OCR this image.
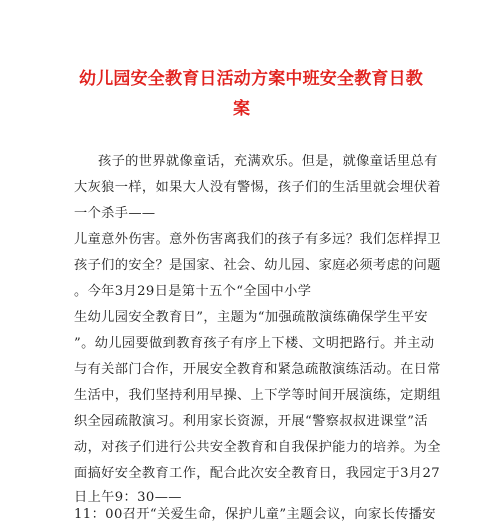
幼儿园安全教育日活动方案中班安全教育日教
案
孩子的世界就像童话，充满欢乐。但是，就像童话里总有
大灰狼一样，如果大人没有警惕，孩子们的生活里就会埋伏着
一个杀手——
儿童意外伤害。意外伤害离我们的孩子有多远？我们怎样捍卫
孩子们的安全？是国家、社会、幼儿园、家庭必须考虑的问题
。今年3月29日是第十五个“全国中小学
生幼儿园安全教育日”，主题为“加强疏散演练确保学生平安
”。幼儿园要做到教育孩子有序上下楼、文明把路行。并主动
与有关部门合作，开展安全教育和紧急疏散演练活动。在日常
生活中，我们坚持利用早操、上下学等时间开展演练，定期组
织全园疏散演习。利用家长资源，开展“警察叔叔进课堂”活
动，对孩子们进行公共安全教育和自我保护能力的培养。为全
面搞好安全教育工作，配合此次安全教育日，我园定于3月27
日上午9：30——
11：00召开“关爱生命，保护儿童”主题会议，向家长传播安
